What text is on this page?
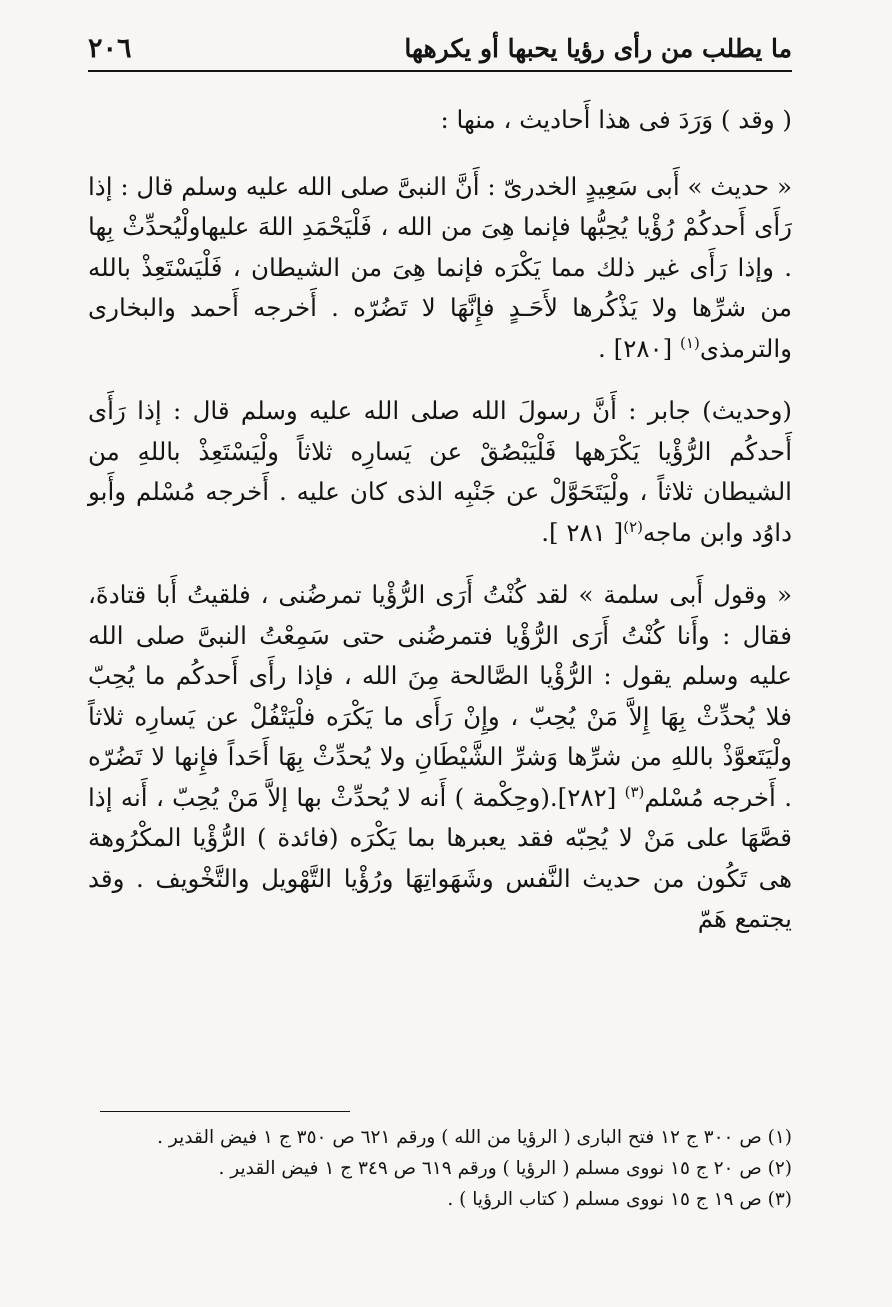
٢٠٦	ما يطلب من رأى رؤيا يحبها أو يكرهها

( وقد ) وَرَدَ فى هذا أَحاديث ، منها :

« حديث » أَبى سَعِيدٍ الخدرىّ : أَنَّ النبىَّ صلى الله عليه وسلم قال : إذا رَأَى أَحدكُمْ رُؤْيا يُحِبُّها فإنما هِىَ من الله ، فَلْيَحْمَدِ اللهَ عليهاولْيُحدِّثْ بِها . وإذا رَأَى غير ذلك مما يَكْرَه فإنما هِىَ من الشيطان ، فَلْيَسْتَعِذْ بالله من شرِّها ولا يَذْكُرها لأَحَـدٍ فإِنَّهَا لا تَضُرّه . أَخرجه أَحمد والبخارى والترمذى$^{(١)}$ [٢٨٠] .

(وحديث) جابر : أَنَّ رسولَ الله صلى الله عليه وسلم قال : إذا رَأَى أَحدكُم الرُّؤْيا يَكْرَهها فَلْيَبْصُقْ عن يَسارِه ثلاثاً ولْيَسْتَعِذْ باللهِ من الشيطان ثلاثاً ، ولْيَتَحَوَّلْ عن جَنْبِه الذى كان عليه . أَخرجه مُسْلم وأَبو داوُد وابن ماجه$^{(٢)}$[ ٢٨١ ].

« وقول أَبى سلمة » لقد كُنْتُ أَرَى الرُّؤْيا تمرضُنى ، فلقيتُ أَبا قتادةَ، فقال : وأَنا كُنْتُ أَرَى الرُّؤْيا فتمرضُنى حتى سَمِعْتُ النبىَّ صلى الله عليه وسلم يقول : الرُّؤْيا الصَّالحة مِنَ الله ، فإذا رأَى أَحدكُم ما يُحِبّ فلا يُحدِّثْ بِهَا إِلاَّ مَنْ يُحِبّ ، وإِنْ رَأَى ما يَكْرَه فلْيَتْفُلْ عن يَسارِه ثلاثاً ولْيَتَعوَّذْ باللهِ من شرِّها وَشرِّ الشَّيْطَانِ ولا يُحدِّثْ بِهَا أَحَداً فإِنها لا تَضُرّه . أَخرجه مُسْلم$^{(٣)}$ [٢٨٢].(وحِكْمة ) أَنه لا يُحدِّثْ بها إلاَّ مَنْ يُحِبّ ، أَنه إذا قصَّهَا على مَنْ لا يُحِبّه فقد يعبرها بما يَكْرَه (فائدة ) الرُّؤْيا المكْرُوهة هى تَكُون من حديث النَّفس وشَهَواتِهَا ورُؤْيا التَّهْويل والتَّخْويف . وقد يجتمع هَمّ

(١) ص ٣٠٠ ج ١٢ فتح البارى ( الرؤيا من الله ) ورقم ٦٢١ ص ٣٥٠ ج ١ فيض القدير .
(٢) ص ٢٠ ج ١٥ نووى مسلم ( الرؤيا ) ورقم ٦١٩ ص ٣٤٩ ج ١ فيض القدير .
(٣) ص ١٩ ج ١٥ نووى مسلم ( كتاب الرؤيا ) .
